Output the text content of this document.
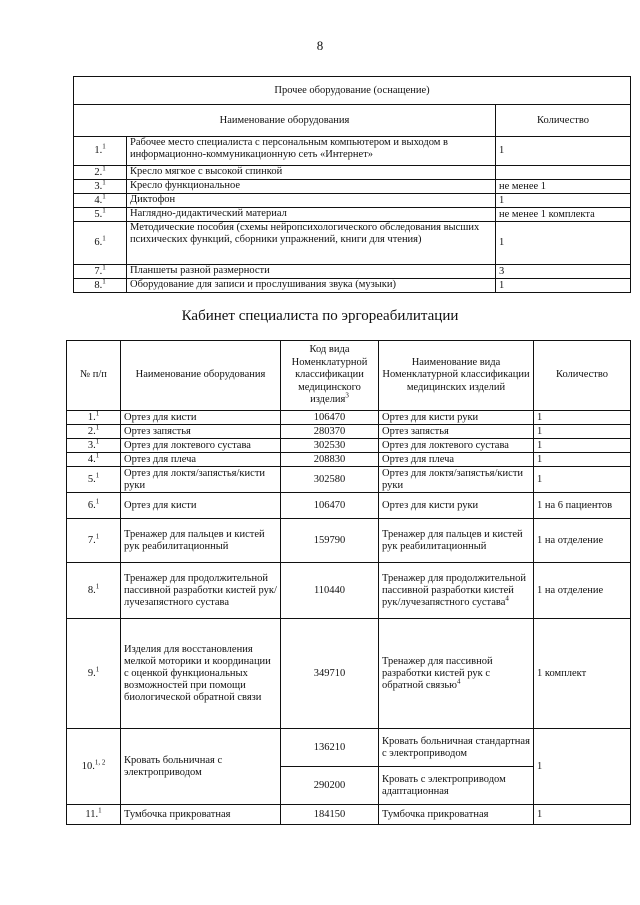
8
Прочее оборудование (оснащение)		
Наименование оборудования		Количество
1.$^1$	Рабочее место специалиста с персональным компьютером и выходом в информационно-коммуникационную сеть «Интернет»	1
2.$^1$	Кресло мягкое с высокой спинкой	
3.$^1$	Кресло функциональное	не менее 1
4.$^1$	Диктофон	1
5.$^1$	Наглядно-дидактический материал	не менее 1 комплекта
6.$^1$	Методические пособия (схемы нейропсихологического обследования высших психических функций, сборники упражнений, книги для чтения)	1
7.$^1$	Планшеты разной размерности	3
8.$^1$	Оборудование для записи и прослушивания звука (музыки)	1
Кабинет специалиста по эргореабилитации
№ п/п	Наименование оборудования	Код вида Номенклатурной классификации медицинского изделия$^3$	Наименование вида Номенклатурной классификации медицинских изделий	Количество
1.$^1$	Ортез для кисти	106470	Ортез для кисти руки	1
2.$^1$	Ортез запястья	280370	Ортез запястья	1
3.$^1$	Ортез для локтевого сустава	302530	Ортез для локтевого сустава	1
4.$^1$	Ортез для плеча	208830	Ортез для плеча	1
5.$^1$	Ортез для локтя/запястья/кисти руки	302580	Ортез для локтя/запястья/кисти руки	1
6.$^1$	Ортез для кисти	106470	Ортез для кисти руки	1 на 6 пациентов
7.$^1$	Тренажер для пальцев и кистей рук реабилитационный	159790	Тренажер для пальцев и кистей рук реабилитационный	1 на отделение
8.$^1$	Тренажер для продолжительной пассивной разработки кистей рук/лучезапястного сустава	110440	Тренажер для продолжительной пассивной разработки кистей рук/лучезапястного сустава$^4$	1 на отделение
9.$^1$	Изделия для восстановления мелкой моторики и координации с оценкой функциональных возможностей при помощи биологической обратной связи	349710	Тренажер для пассивной разработки кистей рук с обратной связью$^4$	1 комплект
10.$^{1, 2}$	Кровать больничная с электроприводом	136210	Кровать больничная стандартная с электроприводом	1
		290200	Кровать с электроприводом адаптационная	
11.$^1$	Тумбочка прикроватная	184150	Тумбочка прикроватная	1
